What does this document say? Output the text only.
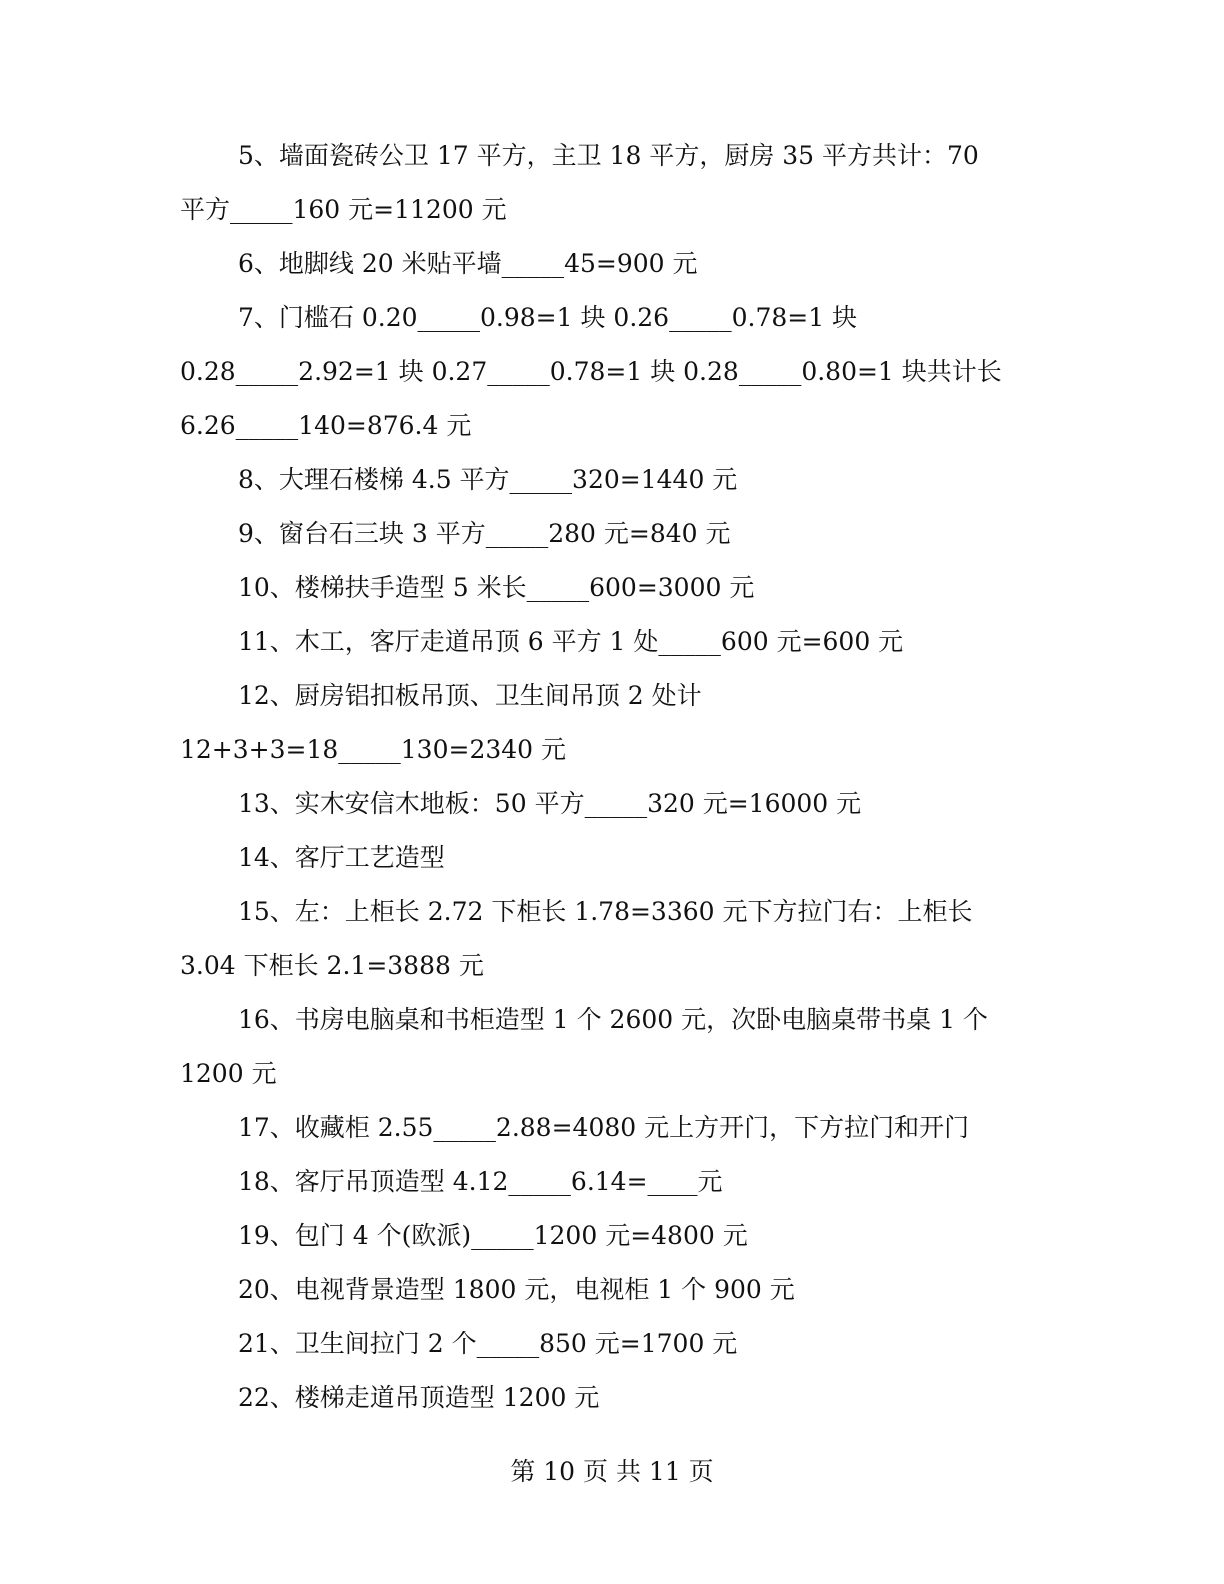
5、墙面瓷砖公卫 17 平方，主卫 18 平方，厨房 35 平方共计：70
平方_____160 元=11200 元
6、地脚线 20 米贴平墙_____45=900 元
7、门槛石 0.20_____0.98=1 块 0.26_____0.78=1 块
0.28_____2.92=1 块 0.27_____0.78=1 块 0.28_____0.80=1 块共计长
6.26_____140=876.4 元
8、大理石楼梯 4.5 平方_____320=1440 元
9、窗台石三块 3 平方_____280 元=840 元
10、楼梯扶手造型 5 米长_____600=3000 元
11、木工，客厅走道吊顶 6 平方 1 处_____600 元=600 元
12、厨房铝扣板吊顶、卫生间吊顶 2 处计
12+3+3=18_____130=2340 元
13、实木安信木地板：50 平方_____320 元=16000 元
14、客厅工艺造型
15、左：上柜长 2.72 下柜长 1.78=3360 元下方拉门右：上柜长
3.04 下柜长 2.1=3888 元
16、书房电脑桌和书柜造型 1 个 2600 元，次卧电脑桌带书桌 1 个
1200 元
17、收藏柜 2.55_____2.88=4080 元上方开门，下方拉门和开门
18、客厅吊顶造型 4.12_____6.14=____元
19、包门 4 个(欧派)_____1200 元=4800 元
20、电视背景造型 1800 元，电视柜 1 个 900 元
21、卫生间拉门 2 个_____850 元=1700 元
22、楼梯走道吊顶造型 1200 元
第 10 页 共 11 页
